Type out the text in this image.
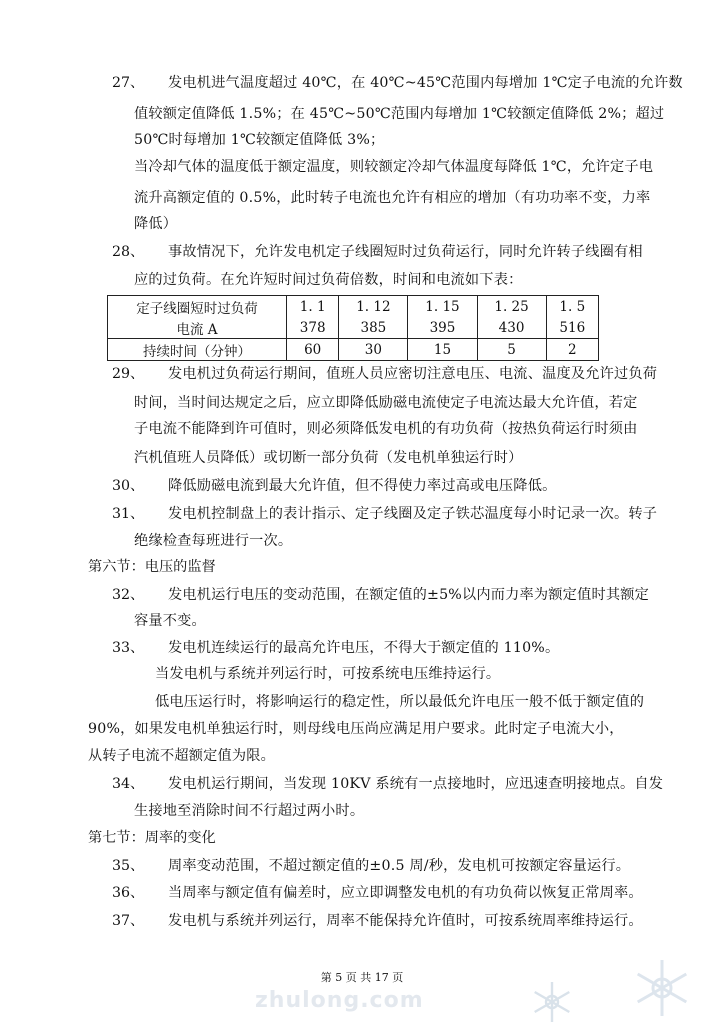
27、 发电机进气温度超过 40℃，在 40℃~45℃范围内每增加 1℃定子电流的允许数
值较额定值降低 1.5%；在 45℃~50℃范围内每增加 1℃较额定值降低 2%；超过
50℃时每增加 1℃较额定值降低 3%；
当冷却气体的温度低于额定温度，则较额定冷却气体温度每降低 1℃，允许定子电
流升高额定值的 0.5%，此时转子电流也允许有相应的增加（有功功率不变，力率
降低）
28、 事故情况下，允许发电机定子线圈短时过负荷运行，同时允许转子线圈有相
应的过负荷。在允许短时间过负荷倍数，时间和电流如下表：
定子线圈短时过负荷	1. 1	1. 12	1. 15	1. 25	1. 5
电流 A	378	385	395	430	516
持续时间（分钟）	60	30	15	5	2
29、 发电机过负荷运行期间，值班人员应密切注意电压、电流、温度及允许过负荷
时间，当时间达规定之后，应立即降低励磁电流使定子电流达最大允许值，若定
子电流不能降到许可值时，则必须降低发电机的有功负荷（按热负荷运行时须由
汽机值班人员降低）或切断一部分负荷（发电机单独运行时）
30、 降低励磁电流到最大允许值，但不得使力率过高或电压降低。
31、 发电机控制盘上的表计指示、定子线圈及定子铁芯温度每小时记录一次。转子
绝缘检查每班进行一次。
第六节：电压的监督
32、 发电机运行电压的变动范围，在额定值的±5%以内而力率为额定值时其额定
容量不变。
33、 发电机连续运行的最高允许电压，不得大于额定值的 110%。
当发电机与系统并列运行时，可按系统电压维持运行。
低电压运行时，将影响运行的稳定性，所以最低允许电压一般不低于额定值的
90%，如果发电机单独运行时，则母线电压尚应满足用户要求。此时定子电流大小，
从转子电流不超额定值为限。
34、 发电机运行期间，当发现 10KV 系统有一点接地时，应迅速查明接地点。自发
生接地至消除时间不行超过两小时。
第七节：周率的变化
35、 周率变动范围，不超过额定值的±0.5 周/秒，发电机可按额定容量运行。
36、 当周率与额定值有偏差时，应立即调整发电机的有功负荷以恢复正常周率。
37、 发电机与系统并列运行，周率不能保持允许值时，可按系统周率维持运行。
第 5 页 共 17 页
zhulong.com
